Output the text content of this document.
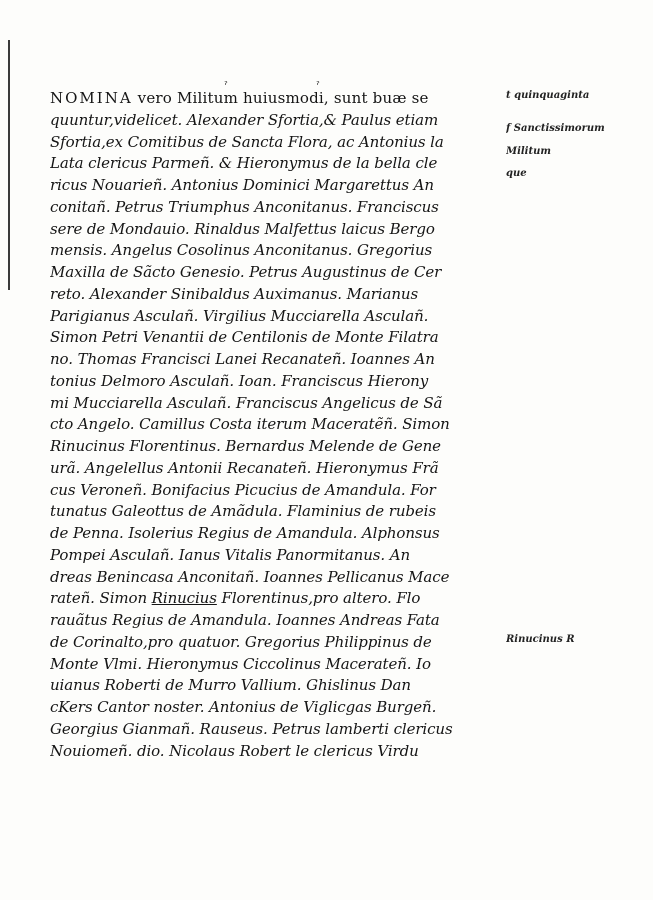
NOMINA vero Militum huiusmodi, sunt buæ se
quuntur,videlicet. Alexander Sfortia,& Paulus etiam
Sfortia,ex Comitibus de Sancta Flora, ac Antonius la
Lata clericus Parmeñ. & Hieronymus de la bella cle
ricus Nouarieñ. Antonius Dominici Margarettus An
conitañ. Petrus Triumphus Anconitanus. Franciscus
sere de Mondauio. Rinaldus Malfettus laicus Bergo
mensis. Angelus Cosolinus Anconitanus. Gregorius
Maxilla de Sãcto Genesio. Petrus Augustinus de Cer
reto. Alexander Sinibaldus Auximanus. Marianus
Parigianus Asculañ. Virgilius Mucciarella Asculañ.
Simon Petri Venantii de Centilonis de Monte Filatra
no. Thomas Francisci Lanei Recanateñ. Ioannes An
tonius Delmoro Asculañ. Ioan. Franciscus Hierony
mi Mucciarella Asculañ. Franciscus Angelicus de Sã
cto Angelo. Camillus Costa iterum Maceratẽñ. Simon
Rinucinus Florentinus. Bernardus Melende de Gene
urã. Angelellus Antonii Recanateñ. Hieronymus Frã
cus Veroneñ. Bonifacius Picucius de Amandula. For
tunatus Galeottus de Amãdula. Flaminius de rubeis
de Penna. Isolerius Regius de Amandula. Alphonsus
Pompei Asculañ. Ianus Vitalis Panormitanus. An
dreas Benincasa Anconitañ. Ioannes Pellicanus Mace
rateñ. Simon Rinucius Florentinus,pro altero. Flo
rauãtus Regius de Amandula. Ioannes Andreas Fata
de Corinalto,pro quatuor. Gregorius Philippinus de
Monte Vlmi. Hieronymus Ciccolinus Macerateñ. Io
uianus Roberti de Murro Vallium. Ghislinus Dan
cKers Cantor noster. Antonius de Viglicgas Burgeñ.
Georgius Gianmañ. Rauseus. Petrus lamberti clericus
Nouiomeñ. dio. Nicolaus Robert le clericus Virdu
t quinquaginta
f Sanctissimorum
Militum
que
Rinucinus R
ˀ	ˀ
